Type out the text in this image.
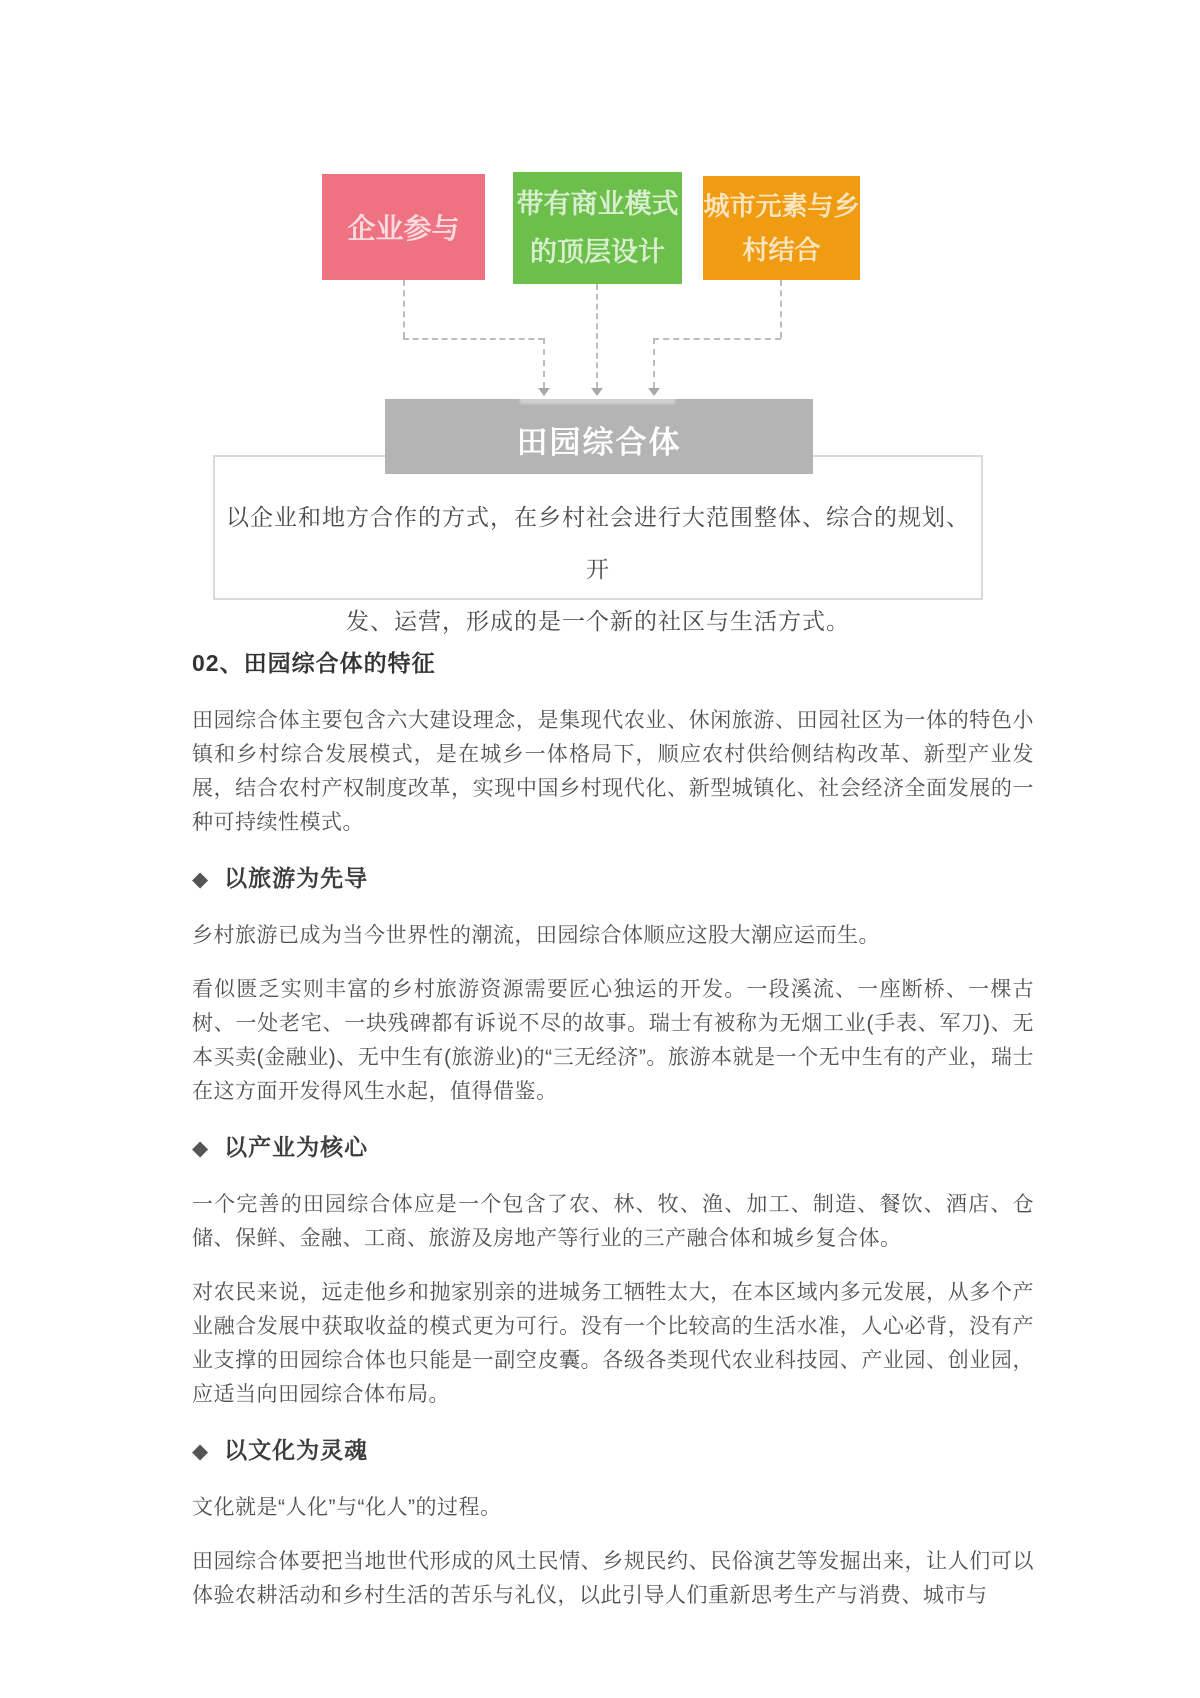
企业参与
带有商业模式
的顶层设计
城市元素与乡
村结合
田园综合体

以企业和地方合作的方式，在乡村社会进行大范围整体、综合的规划、开

发、运营，形成的是一个新的社区与生活方式。

02、田园综合体的特征

田园综合体主要包含六大建设理念，是集现代农业、休闲旅游、田园社区为一体的特色小镇和乡村综合发展模式，是在城乡一体格局下，顺应农村供给侧结构改革、新型产业发展，结合农村产权制度改革，实现中国乡村现代化、新型城镇化、社会经济全面发展的一种可持续性模式。

◆ 以旅游为先导

乡村旅游已成为当今世界性的潮流，田园综合体顺应这股大潮应运而生。

看似匮乏实则丰富的乡村旅游资源需要匠心独运的开发。一段溪流、一座断桥、一棵古树、一处老宅、一块残碑都有诉说不尽的故事。瑞士有被称为无烟工业(手表、军刀)、无本买卖(金融业)、无中生有(旅游业)的“三无经济”。旅游本就是一个无中生有的产业，瑞士在这方面开发得风生水起，值得借鉴。

◆ 以产业为核心

一个完善的田园综合体应是一个包含了农、林、牧、渔、加工、制造、餐饮、酒店、仓储、保鲜、金融、工商、旅游及房地产等行业的三产融合体和城乡复合体。

对农民来说，远走他乡和抛家别亲的进城务工牺牲太大，在本区域内多元发展，从多个产业融合发展中获取收益的模式更为可行。没有一个比较高的生活水准，人心必背，没有产业支撑的田园综合体也只能是一副空皮囊。各级各类现代农业科技园、产业园、创业园，应适当向田园综合体布局。

◆ 以文化为灵魂

文化就是“人化”与“化人”的过程。

田园综合体要把当地世代形成的风土民情、乡规民约、民俗演艺等发掘出来，让人们可以体验农耕活动和乡村生活的苦乐与礼仪，以此引导人们重新思考生产与消费、城市与
